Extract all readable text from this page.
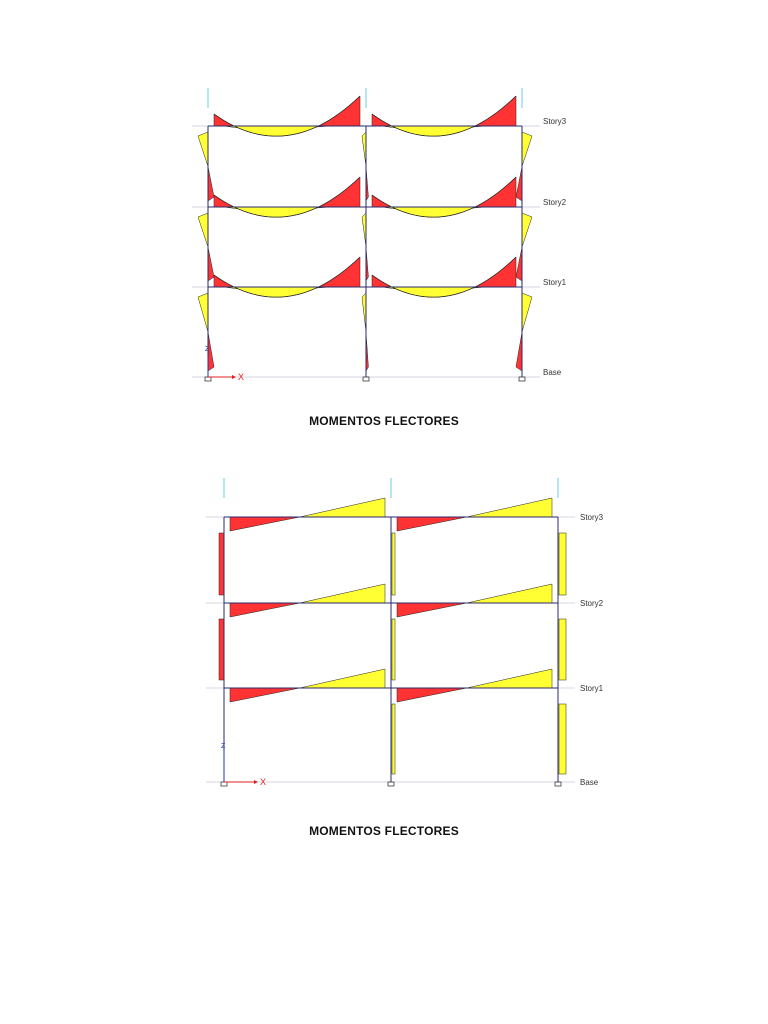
Story3
Story2
Story1
Base
X
Z
MOMENTOS FLECTORES
Story3
Story2
Story1
Base
X
Z
MOMENTOS FLECTORES
